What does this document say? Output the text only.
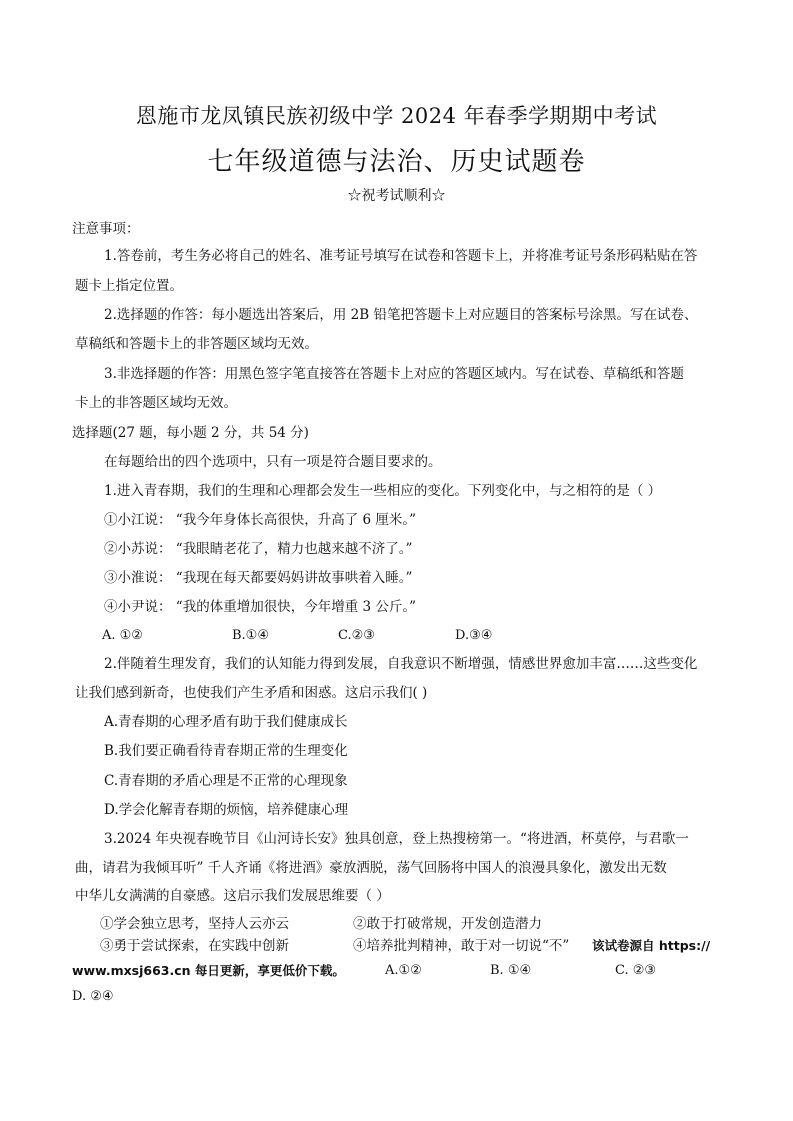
恩施市龙凤镇民族初级中学 2024 年春季学期期中考试
七年级道德与法治、历史试题卷
☆祝考试顺利☆
注意事项：
1.答卷前，考生务必将自己的姓名、准考证号填写在试卷和答题卡上，并将准考证号条形码粘贴在答
题卡上指定位置。
2.选择题的作答：每小题选出答案后，用 2B 铅笔把答题卡上对应题目的答案标号涂黑。写在试卷、
草稿纸和答题卡上的非答题区域均无效。
3.非选择题的作答：用黑色签字笔直接答在答题卡上对应的答题区域内。写在试卷、草稿纸和答题
卡上的非答题区域均无效。
选择题(27 题，每小题 2 分，共 54 分)
在每题给出的四个选项中，只有一项是符合题目要求的。
1.进入青春期，我们的生理和心理都会发生一些相应的变化。下列变化中，与之相符的是（ ）
①小江说： “我今年身体长高很快，升高了 6 厘米。”
②小苏说： “我眼睛老花了，精力也越来越不济了。”
③小淮说： “我现在每天都要妈妈讲故事哄着入睡。”
④小尹说： “我的体重增加很快，今年增重 3 公斤。”
A. ①②	B.①④	C.②③	D.③④
2.伴随着生理发育，我们的认知能力得到发展，自我意识不断增强，情感世界愈加丰富……这些变化
让我们感到新奇，也使我们产生矛盾和困惑。这启示我们( )
A.青春期的心理矛盾有助于我们健康成长
B.我们要正确看待青春期正常的生理变化
C.青春期的矛盾心理是不正常的心理现象
D.学会化解青春期的烦恼，培养健康心理
3.2024 年央视春晚节目《山河诗长安》独具创意，登上热搜榜第一。“将进酒，杯莫停，与君歌一
曲，请君为我倾耳听” 千人齐诵《将进酒》豪放洒脱，荡气回肠将中国人的浪漫具象化，激发出无数
中华儿女满满的自豪感。这启示我们发展思维要（ ）
①学会独立思考，坚持人云亦云	②敢于打破常规，开发创造潜力
③勇于尝试探索，在实践中创新	④培养批判精神，敢于对一切说“不” 该试卷源自 https://
www.mxsj663.cn 每日更新，享更低价下载。	A.①②	B. ①④	C. ②③
D. ②④
